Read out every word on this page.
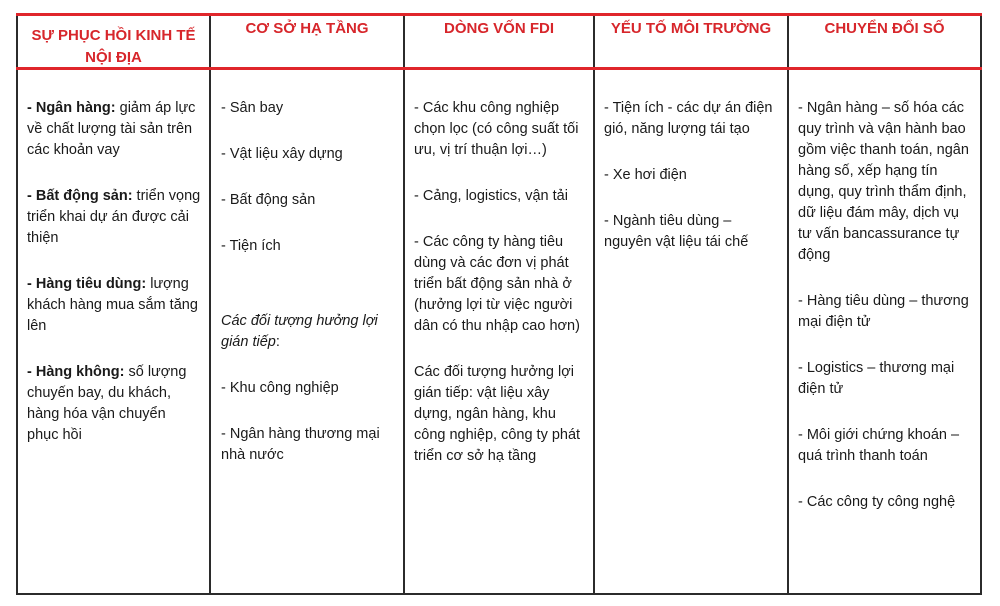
SỰ PHỤC HỒI KINH TẾ NỘI ĐỊA

- Ngân hàng: giảm áp lực về chất lượng tài sản trên các khoản vay

- Bất động sản: triển vọng triển khai dự án được cải thiện

- Hàng tiêu dùng: lượng khách hàng mua sắm tăng lên

- Hàng không: số lượng chuyến bay, du khách, hàng hóa vận chuyển phục hồi

CƠ SỞ HẠ TẦNG

- Sân bay

- Vật liệu xây dựng

- Bất động sản

- Tiện ích

Các đối tượng hưởng lợi gián tiếp:

- Khu công nghiệp

- Ngân hàng thương mại nhà nước

DÒNG VỐN FDI

- Các khu công nghiệp chọn lọc (có công suất tối ưu, vị trí thuận lợi…)

- Cảng, logistics, vận tải

- Các công ty hàng tiêu dùng và các đơn vị phát triển bất động sản nhà ở (hưởng lợi từ việc người dân có thu nhập cao hơn)

Các đối tượng hưởng lợi gián tiếp: vật liệu xây dựng, ngân hàng, khu công nghiệp, công ty phát triển cơ sở hạ tầng

YẾU TỐ MÔI TRƯỜNG

- Tiện ích - các dự án điện gió, năng lượng tái tạo

- Xe hơi điện

- Ngành tiêu dùng – nguyên vật liệu tái chế

CHUYỂN ĐỔI SỐ

- Ngân hàng – số hóa các quy trình và vận hành bao gồm việc thanh toán, ngân hàng số, xếp hạng tín dụng, quy trình thẩm định, dữ liệu đám mây, dịch vụ tư vấn bancassurance tự động

- Hàng tiêu dùng – thương mại điện tử

- Logistics – thương mại điện tử

- Môi giới chứng khoán – quá trình thanh toán

- Các công ty công nghệ
